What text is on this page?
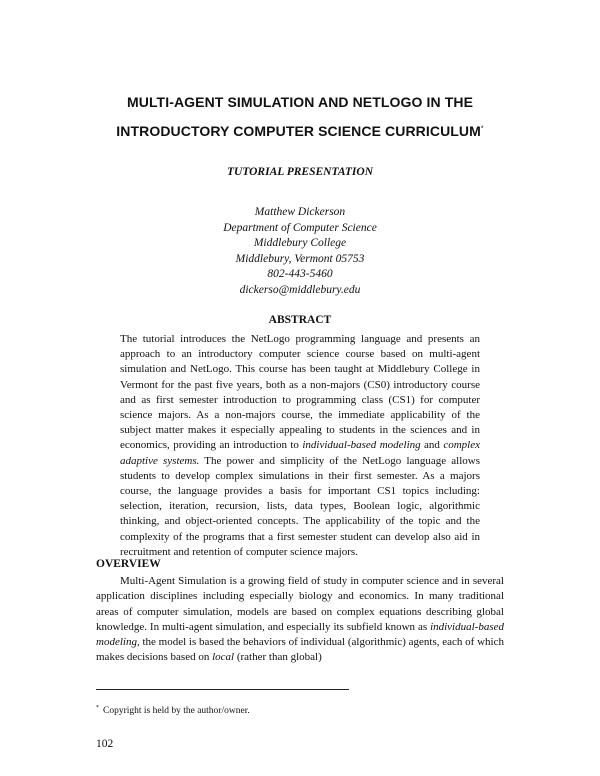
MULTI-AGENT SIMULATION AND NETLOGO IN THE
INTRODUCTORY COMPUTER SCIENCE CURRICULUM*

TUTORIAL PRESENTATION

Matthew Dickerson
Department of Computer Science
Middlebury College
Middlebury, Vermont 05753
802-443-5460
dickerso@middlebury.edu
ABSTRACT

The tutorial introduces the NetLogo programming language and presents an approach to an introductory computer science course based on multi-agent simulation and NetLogo. This course has been taught at Middlebury College in Vermont for the past five years, both as a non-majors (CS0) introductory course and as first semester introduction to programming class (CS1) for computer science majors. As a non-majors course, the immediate applicability of the subject matter makes it especially appealing to students in the sciences and in economics, providing an introduction to individual-based modeling and complex adaptive systems. The power and simplicity of the NetLogo language allows students to develop complex simulations in their first semester. As a majors course, the language provides a basis for important CS1 topics including: selection, iteration, recursion, lists, data types, Boolean logic, algorithmic thinking, and object-oriented concepts. The applicability of the topic and the complexity of the programs that a first semester student can develop also aid in recruitment and retention of computer science majors.

OVERVIEW

Multi-Agent Simulation is a growing field of study in computer science and in several application disciplines including especially biology and economics. In many traditional areas of computer simulation, models are based on complex equations describing global knowledge. In multi-agent simulation, and especially its subfield known as individual-based modeling, the model is based the behaviors of individual (algorithmic) agents, each of which makes decisions based on local (rather than global)

* Copyright is held by the author/owner.

102
